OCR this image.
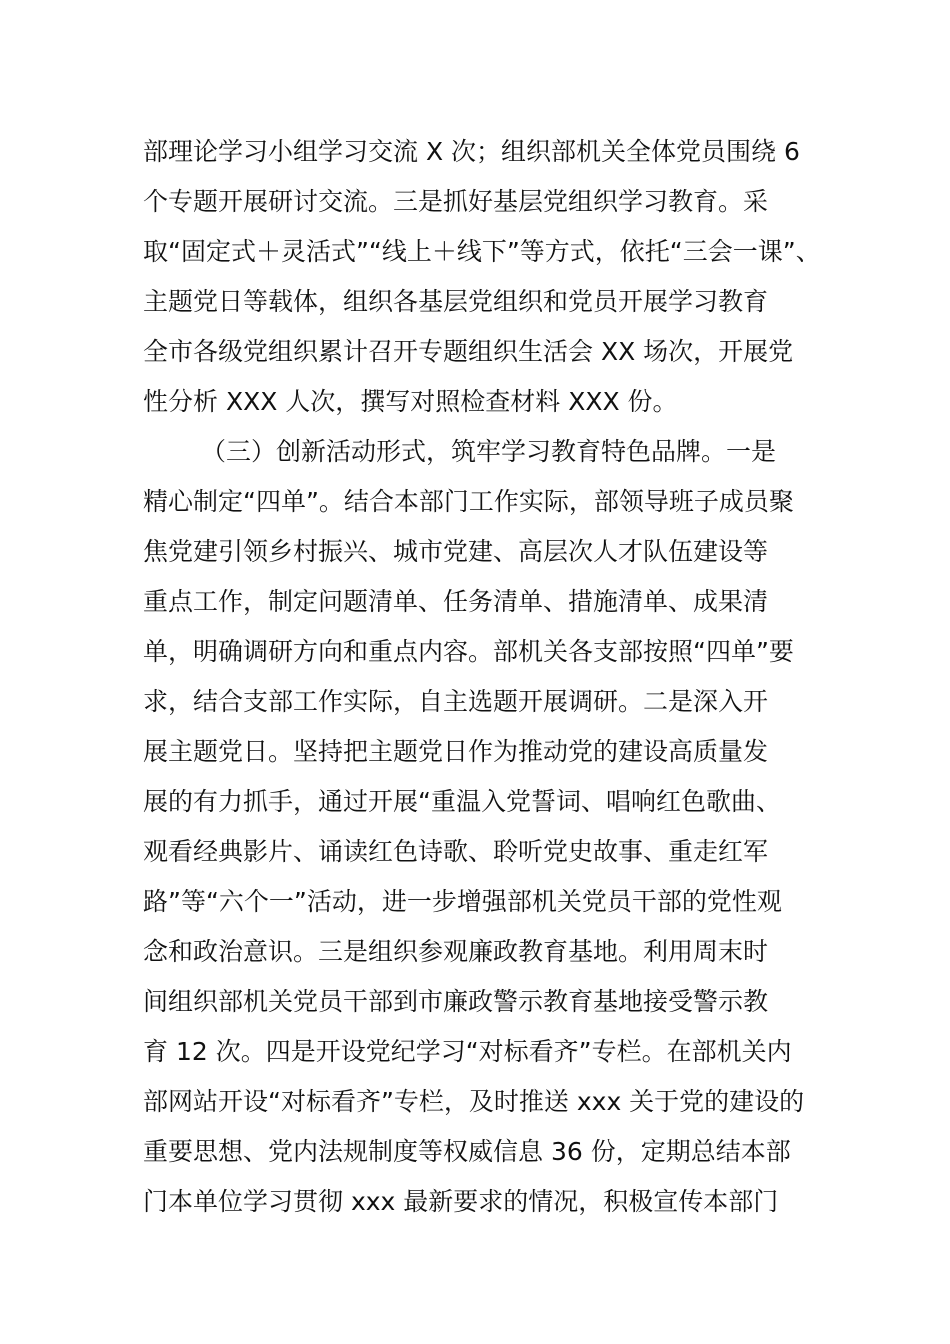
部理论学习小组学习交流 X 次；组织部机关全体党员围绕 6
个专题开展研讨交流。三是抓好基层党组织学习教育。采
取“固定式＋灵活式”“线上＋线下”等方式，依托“三会一课”、
主题党日等载体，组织各基层党组织和党员开展学习教育
全市各级党组织累计召开专题组织生活会 XX 场次，开展党
性分析 XXX 人次，撰写对照检查材料 XXX 份。
（三）创新活动形式，筑牢学习教育特色品牌。一是
精心制定“四单”。结合本部门工作实际，部领导班子成员聚
焦党建引领乡村振兴、城市党建、高层次人才队伍建设等
重点工作，制定问题清单、任务清单、措施清单、成果清
单，明确调研方向和重点内容。部机关各支部按照“四单”要
求，结合支部工作实际，自主选题开展调研。二是深入开
展主题党日。坚持把主题党日作为推动党的建设高质量发
展的有力抓手，通过开展“重温入党誓词、唱响红色歌曲、
观看经典影片、诵读红色诗歌、聆听党史故事、重走红军
路”等“六个一”活动，进一步增强部机关党员干部的党性观
念和政治意识。三是组织参观廉政教育基地。利用周末时
间组织部机关党员干部到市廉政警示教育基地接受警示教
育 12 次。四是开设党纪学习“对标看齐”专栏。在部机关内
部网站开设“对标看齐”专栏，及时推送 xxx 关于党的建设的
重要思想、党内法规制度等权威信息 36 份，定期总结本部
门本单位学习贯彻 xxx 最新要求的情况，积极宣传本部门
